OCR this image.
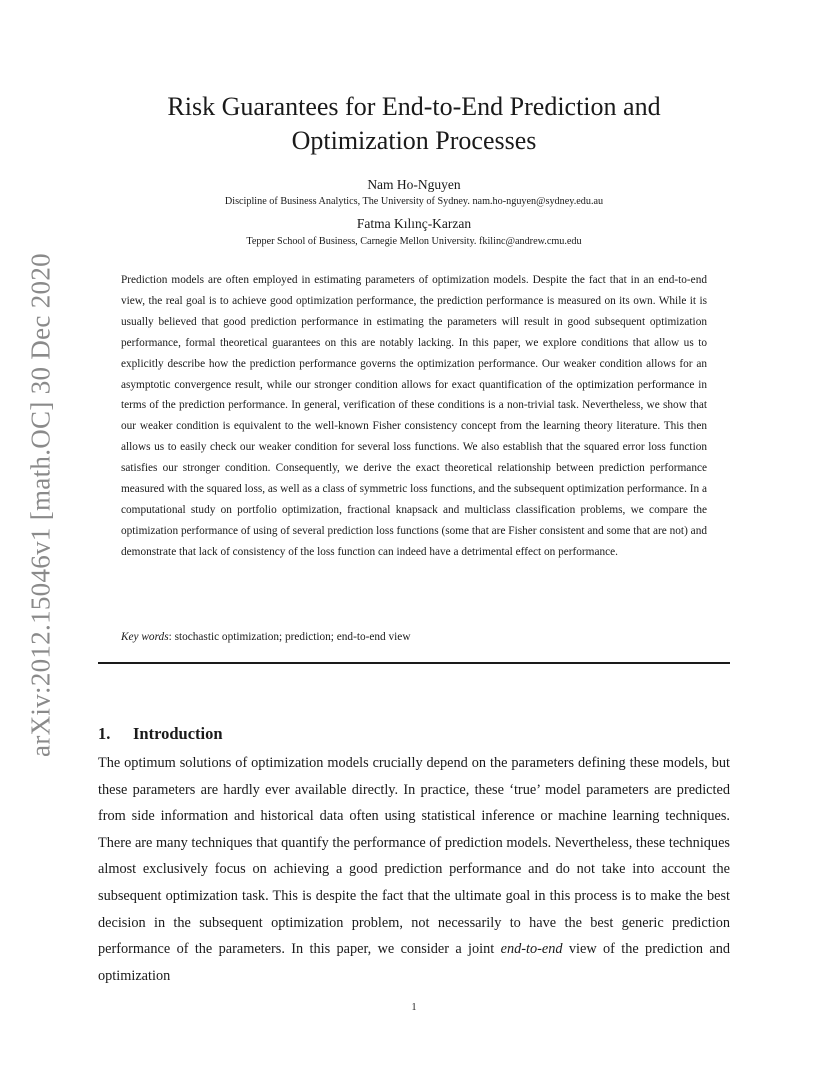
arXiv:2012.15046v1 [math.OC] 30 Dec 2020
Risk Guarantees for End-to-End Prediction and
Optimization Processes
Nam Ho-Nguyen
Discipline of Business Analytics, The University of Sydney. nam.ho-nguyen@sydney.edu.au
Fatma Kılınç-Karzan
Tepper School of Business, Carnegie Mellon University. fkilinc@andrew.cmu.edu

Prediction models are often employed in estimating parameters of optimization models. Despite the fact that in an end-to-end view, the real goal is to achieve good optimization performance, the prediction performance is measured on its own. While it is usually believed that good prediction performance in estimating the parameters will result in good subsequent optimization performance, formal theoretical guarantees on this are notably lacking. In this paper, we explore conditions that allow us to explicitly describe how the prediction performance governs the optimization performance. Our weaker condition allows for an asymptotic convergence result, while our stronger condition allows for exact quantification of the optimization performance in terms of the prediction performance. In general, verification of these conditions is a non-trivial task. Nevertheless, we show that our weaker condition is equivalent to the well-known Fisher consistency concept from the learning theory literature. This then allows us to easily check our weaker condition for several loss functions. We also establish that the squared error loss function satisfies our stronger condition. Consequently, we derive the exact theoretical relationship between prediction performance measured with the squared loss, as well as a class of symmetric loss functions, and the subsequent optimization performance. In a computational study on portfolio optimization, fractional knapsack and multiclass classification problems, we compare the optimization performance of using of several prediction loss functions (some that are Fisher consistent and some that are not) and demonstrate that lack of consistency of the loss function can indeed have a detrimental effect on performance.

Key words: stochastic optimization; prediction; end-to-end view
1. Introduction

The optimum solutions of optimization models crucially depend on the parameters defining these models, but these parameters are hardly ever available directly. In practice, these ‘true’ model parameters are predicted from side information and historical data often using statistical inference or machine learning techniques. There are many techniques that quantify the performance of prediction models. Nevertheless, these techniques almost exclusively focus on achieving a good prediction performance and do not take into account the subsequent optimization task. This is despite the fact that the ultimate goal in this process is to make the best decision in the subsequent optimization problem, not necessarily to have the best generic prediction performance of the parameters. In this paper, we consider a joint end-to-end view of the prediction and optimization

1
